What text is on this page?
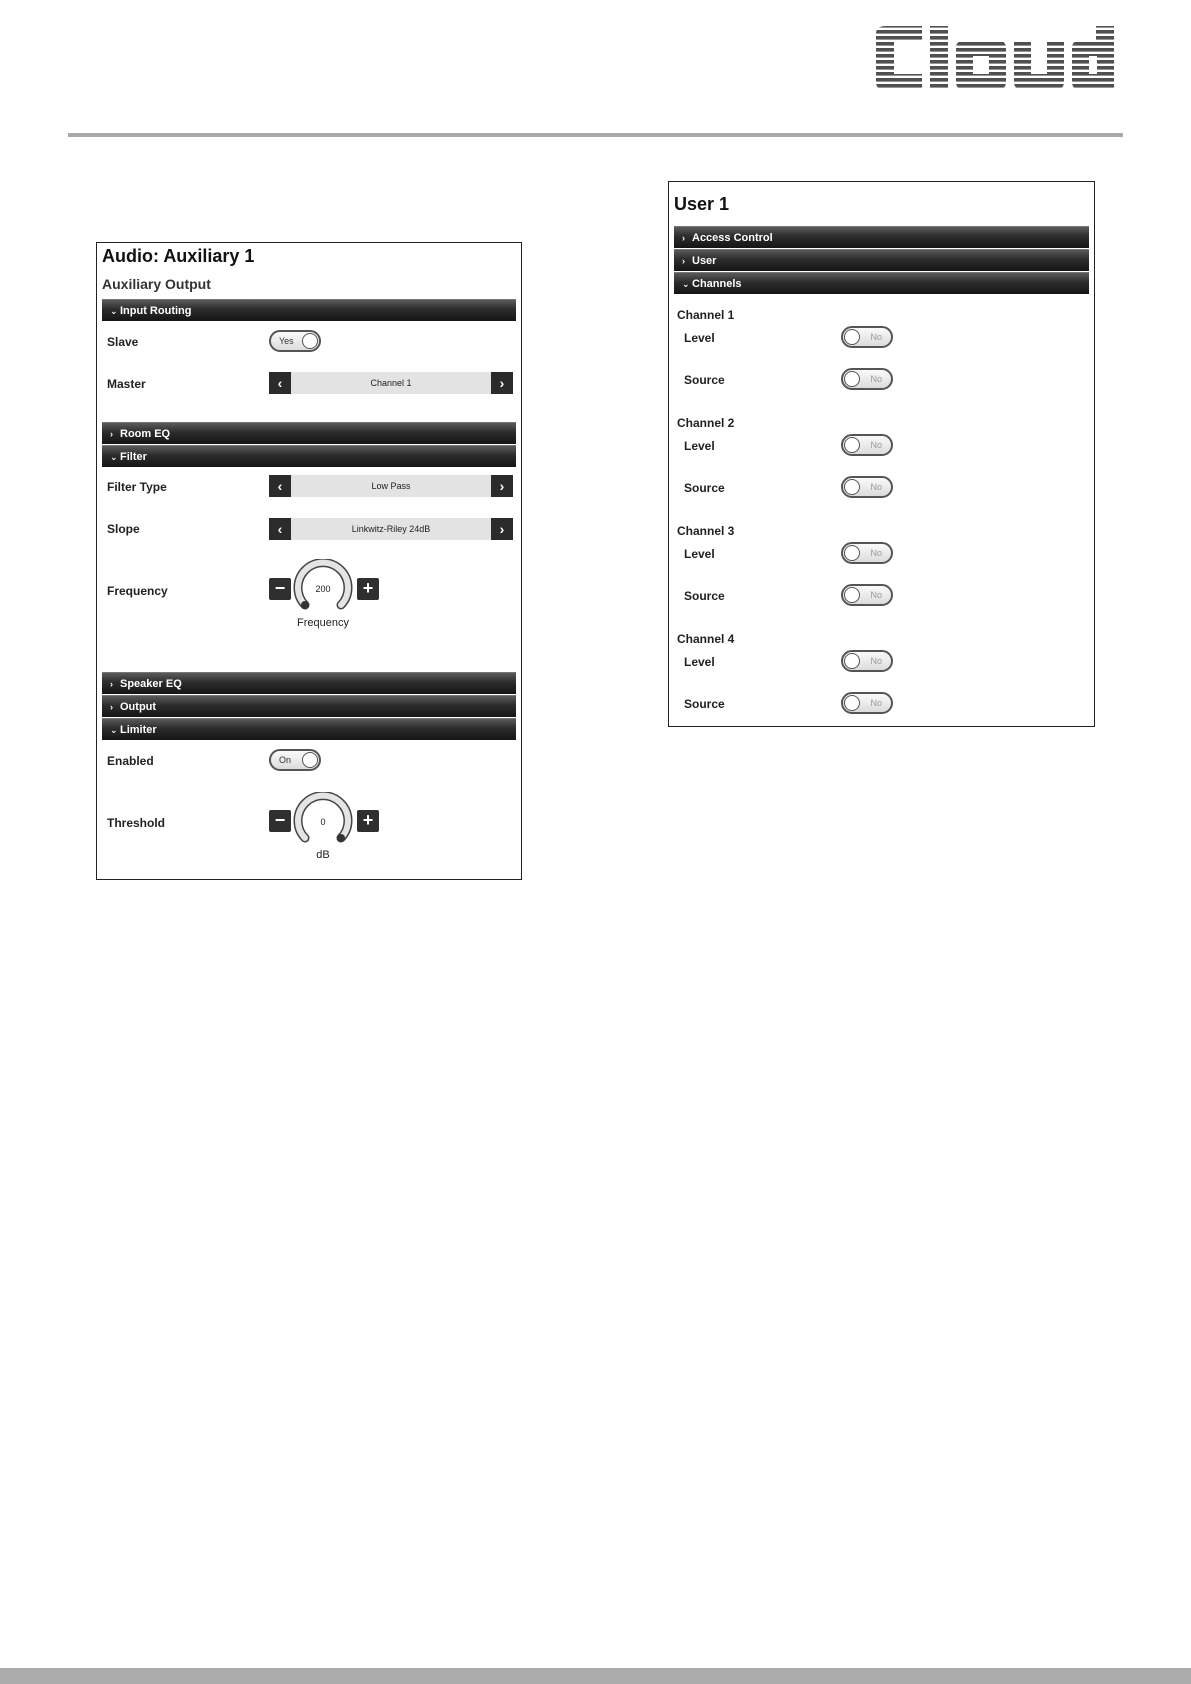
Audio: Auxiliary 1
Auxiliary Output
⌄ Input Routing
Slave	Yes
Master	‹	Channel 1	›
› Room EQ
⌄ Filter
Filter Type	‹	Low Pass	›
Slope	‹	Linkwitz-Riley 24dB	›
Frequency	−	200	+
Frequency
› Speaker EQ
› Output
⌄ Limiter
Enabled	On
Threshold	−	0	+
dB
User 1
› Access Control
› User
⌄ Channels
Channel 1
Level	No
Source	No
Channel 2
Level	No
Source	No
Channel 3
Level	No
Source	No
Channel 4
Level	No
Source	No
